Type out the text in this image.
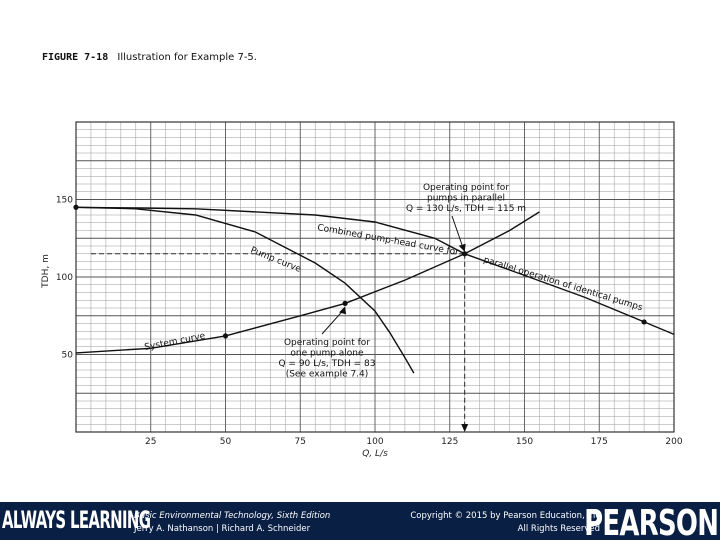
FIGURE 7-18 Illustration for Example 7-5.
25	50	75	100	125	150	175	200
50
100
150
Q, L/s
TDH, m
Operating point for pumps in parallel Q = 130 L/s, TDH = 115 m
Operating point for one pump alone Q = 90 L/s, TDH = 83 (See example 7.4)
Pump curve
System curve
Combined pump-head curve for
parallel operation of identical pumps
ALWAYS LEARNING
Basic Environmental Technology, Sixth Edition
Jerry A. Nathanson | Richard A. Schneider
Copyright © 2015 by Pearson Education, Inc
All Rights Reserved
PEARSON
